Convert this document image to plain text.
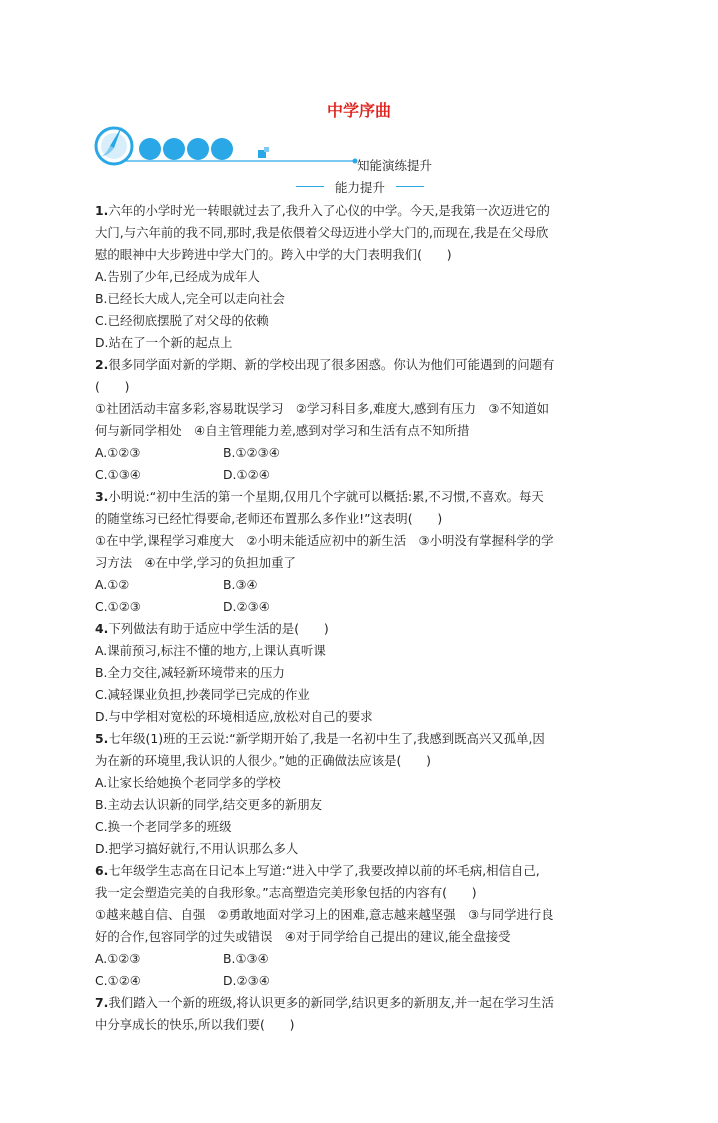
中学序曲
知能演练提升
能力提升
1.六年的小学时光一转眼就过去了,我升入了心仪的中学。今天,是我第一次迈进它的
大门,与六年前的我不同,那时,我是依偎着父母迈进小学大门的,而现在,我是在父母欣
慰的眼神中大步跨进中学大门的。跨入中学的大门表明我们(　　)
A.告别了少年,已经成为成年人
B.已经长大成人,完全可以走向社会
C.已经彻底摆脱了对父母的依赖
D.站在了一个新的起点上
2.很多同学面对新的学期、新的学校出现了很多困惑。你认为他们可能遇到的问题有
(　　)
①社团活动丰富多彩,容易耽误学习　②学习科目多,难度大,感到有压力　③不知道如
何与新同学相处　④自主管理能力差,感到对学习和生活有点不知所措
A.①②③	B.①②③④
C.①③④	D.①②④
3.小明说:“初中生活的第一个星期,仅用几个字就可以概括:累,不习惯,不喜欢。每天
的随堂练习已经忙得要命,老师还布置那么多作业!”这表明(　　)
①在中学,课程学习难度大　②小明未能适应初中的新生活　③小明没有掌握科学的学
习方法　④在中学,学习的负担加重了
A.①②	B.③④
C.①②③	D.②③④
4.下列做法有助于适应中学生活的是(　　)
A.课前预习,标注不懂的地方,上课认真听课
B.全力交往,减轻新环境带来的压力
C.减轻课业负担,抄袭同学已完成的作业
D.与中学相对宽松的环境相适应,放松对自己的要求
5.七年级(1)班的王云说:“新学期开始了,我是一名初中生了,我感到既高兴又孤单,因
为在新的环境里,我认识的人很少。”她的正确做法应该是(　　)
A.让家长给她换个老同学多的学校
B.主动去认识新的同学,结交更多的新朋友
C.换一个老同学多的班级
D.把学习搞好就行,不用认识那么多人
6.七年级学生志高在日记本上写道:“进入中学了,我要改掉以前的坏毛病,相信自己,
我一定会塑造完美的自我形象。”志高塑造完美形象包括的内容有(　　)
①越来越自信、自强　②勇敢地面对学习上的困难,意志越来越坚强　③与同学进行良
好的合作,包容同学的过失或错误　④对于同学给自己提出的建议,能全盘接受
A.①②③	B.①③④
C.①②④	D.②③④
7.我们踏入一个新的班级,将认识更多的新同学,结识更多的新朋友,并一起在学习生活
中分享成长的快乐,所以我们要(　　)
